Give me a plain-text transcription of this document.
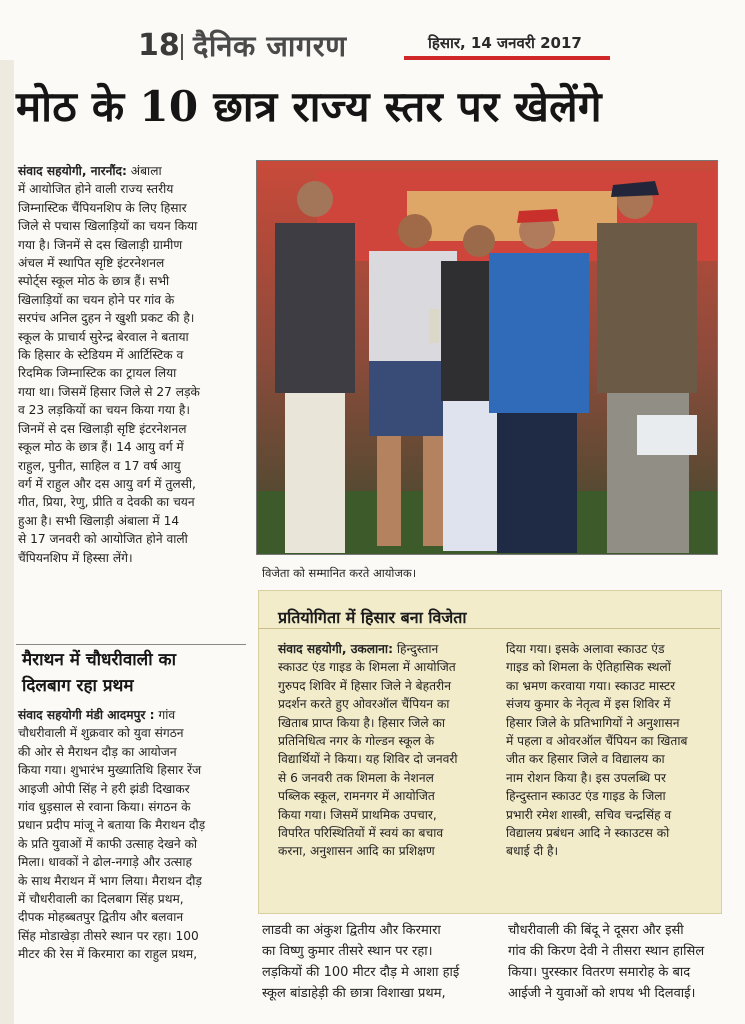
18 दैनिक जागरण	हिसार, 14 जनवरी 2017
मोठ के 10 छात्र राज्य स्तर पर खेलेंगे
संवाद सहयोगी, नारनौंद: अंबाला
में आयोजित होने वाली राज्य स्तरीय
जिम्नास्टिक चैंपियनशिप के लिए हिसार
जिले से पचास खिलाड़ियों का चयन किया
गया है। जिनमें से दस खिलाड़ी ग्रामीण
अंचल में स्थापित सृष्टि इंटरनेशनल
स्पोर्ट्स स्कूल मोठ के छात्र हैं। सभी
खिलाड़ियों का चयन होने पर गांव के
सरपंच अनिल दुहन ने खुशी प्रकट की है।
स्कूल के प्राचार्य सुरेन्द्र बेरवाल ने बताया
कि हिसार के स्टेडियम में आर्टिस्टिक व
रिदमिक जिम्नास्टिक का ट्रायल लिया
गया था। जिसमें हिसार जिले से 27 लड़के
व 23 लड़कियों का चयन किया गया है।
जिनमें से दस खिलाड़ी सृष्टि इंटरनेशनल
स्कूल मोठ के छात्र हैं। 14 आयु वर्ग में
राहुल, पुनीत, साहिल व 17 वर्ष आयु
वर्ग में राहुल और दस आयु वर्ग में तुलसी,
गीत, प्रिया, रेणु, प्रीति व देवकी का चयन
हुआ है। सभी खिलाड़ी अंबाला में 14
से 17 जनवरी को आयोजित होने वाली
चैंपियनशिप में हिस्सा लेंगे।
विजेता को सम्मानित करते आयोजक।
प्रतियोगिता में हिसार बना विजेता
संवाद सहयोगी, उकलाना: हिन्दुस्तान
स्काउट एंड गाइड के शिमला में आयोजित
गुरुपद शिविर में हिसार जिले ने बेहतरीन
प्रदर्शन करते हुए ओवरऑल चैंपियन का
खिताब प्राप्त किया है। हिसार जिले का
प्रतिनिधित्व नगर के गोल्डन स्कूल के
विद्यार्थियों ने किया। यह शिविर दो जनवरी
से 6 जनवरी तक शिमला के नेशनल
पब्लिक स्कूल, रामनगर में आयोजित
किया गया। जिसमें प्राथमिक उपचार,
विपरित परिस्थितियों में स्वयं का बचाव
करना, अनुशासन आदि का प्रशिक्षण
दिया गया। इसके अलावा स्काउट एंड
गाइड को शिमला के ऐतिहासिक स्थलों
का भ्रमण करवाया गया। स्काउट मास्टर
संजय कुमार के नेतृत्व में इस शिविर में
हिसार जिले के प्रतिभागियों ने अनुशासन
में पहला व ओवरऑल चैंपियन का खिताब
जीत कर हिसार जिले व विद्यालय का
नाम रोशन किया है। इस उपलब्धि पर
हिन्दुस्तान स्काउट एंड गाइड के जिला
प्रभारी रमेश शास्त्री, सचिव चन्द्रसिंह व
विद्यालय प्रबंधन आदि ने स्काउटस को
बधाई दी है।
मैराथन में चौधरीवाली का
दिलबाग रहा प्रथम
संवाद सहयोगी मंडी आदमपुर : गांव
चौधरीवाली में शुक्रवार को युवा संगठन
की ओर से मैराथन दौड़ का आयोजन
किया गया। शुभारंभ मुख्यातिथि हिसार रेंज
आइजी ओपी सिंह ने हरी झंडी दिखाकर
गांव धुड़साल से रवाना किया। संगठन के
प्रधान प्रदीप मांजू ने बताया कि मैराथन दौड़
के प्रति युवाओं में काफी उत्साह देखने को
मिला। धावकों ने ढोल-नगाड़े और उत्साह
के साथ मैराथन में भाग लिया। मैराथन दौड़
में चौधरीवाली का दिलबाग सिंह प्रथम,
दीपक मोहब्बतपुर द्वितीय और बलवान
सिंह मोडाखेड़ा तीसरे स्थान पर रहा। 100
मीटर की रेस में किरमारा का राहुल प्रथम,
लाडवी का अंकुश द्वितीय और किरमारा
का विष्णु कुमार तीसरे स्थान पर रहा।
लड़कियों की 100 मीटर दौड़ मे आशा हाई
स्कूल बांडाहेड़ी की छात्रा विशाखा प्रथम,
चौधरीवाली की बिंदू ने दूसरा और इसी
गांव की किरण देवी ने तीसरा स्थान हासिल
किया। पुरस्कार वितरण समारोह के बाद
आईजी ने युवाओं को शपथ भी दिलवाई।
